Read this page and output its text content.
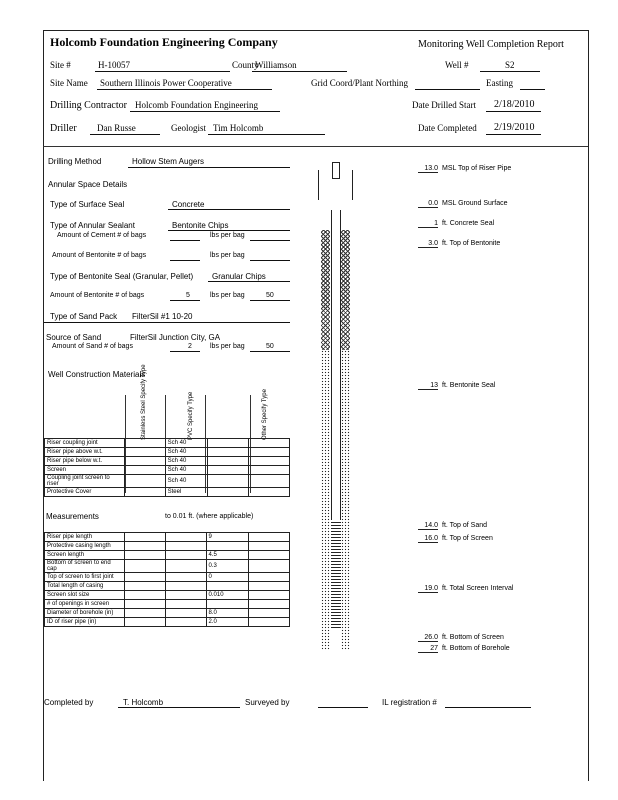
Holcomb Foundation Engineering Company	Monitoring Well Completion Report
Site #	H-10057	County
Williamson	Well #	S2
Site Name Southern Illinois Power Cooperative	Grid Coord/Plant Northing	Easting
Drilling Contractor Holcomb Foundation Engineering	Date Drilled Start 2/18/2010
Driller Dan Russe	Geologist Tim Holcomb	Date Completed 2/19/2010
Drilling Method	Hollow Stem Augers
Annular Space Details
Type of Surface Seal	Concrete
Type of Annular Sealant	Bentonite Chips
Amount of Cement # of bags	lbs per bag
Amount of Bentonite # of bags	lbs per bag
Type of Bentonite Seal (Granular, Pellet) Granular Chips
Amount of Bentonite # of bags	5	lbs per bag	50
Type of Sand Pack FilterSil #1 10-20
Source of Sand	FilterSil Junction City, GA
Amount of Sand # of bags	2	lbs per bag	50
Well Construction Materials
Stainless Steel Specify Type	PVC Specify Type	Other Specify Type
Riser coupling joint		Sch 40		
Riser pipe above w.t.		Sch 40		
Riser pipe below w.t.		Sch 40		
Screen		Sch 40		
Coupling joint screen to riser		Sch 40		
Protective Cover		Steel		
Measurements	to 0.01 ft. (where applicable)
Riser pipe length			9	
Protective casing length				
Screen length			4.5	
Bottom of screen to end cap			0.3	
Top of screen to first joint			0	
Total length of casing				
Screen slot size			0.010	
# of openings in screen				
Diameter of borehole (in)			8.0	
ID of riser pipe (in)			2.0	
13.0 MSL Top of Riser Pipe
0.0 MSL Ground Surface
1 ft. Concrete Seal
3.0 ft. Top of Bentonite
13 ft. Bentonite Seal
14.0 ft. Top of Sand
16.0 ft. Top of Screen
19.0 ft. Total Screen Interval
26.0 ft. Bottom of Screen
27 ft. Bottom of Borehole
Completed by	T. Holcomb	Surveyed by	IL registration #
